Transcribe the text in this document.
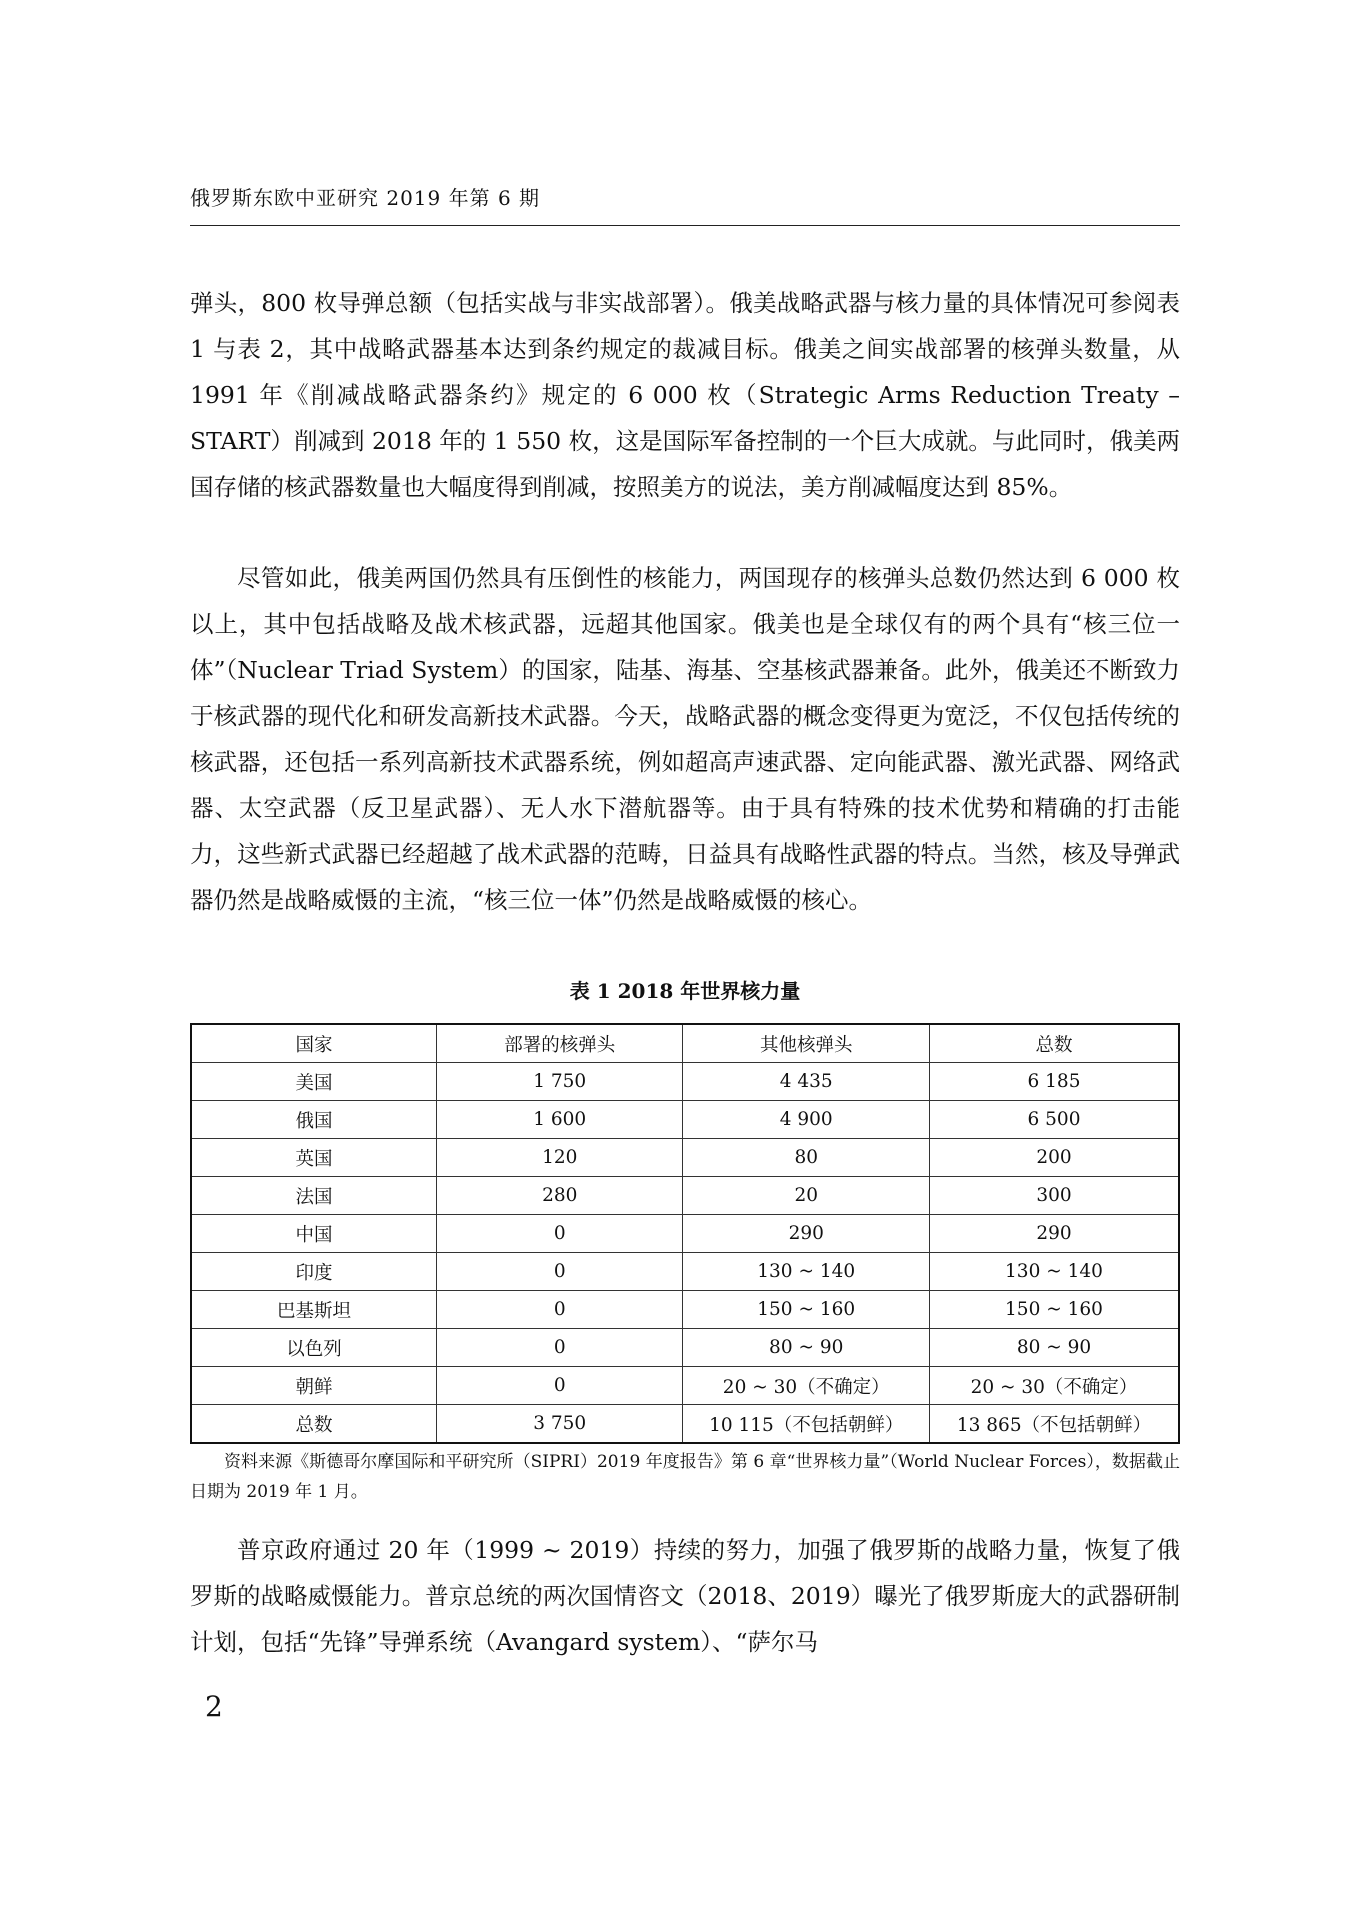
俄罗斯东欧中亚研究 2019 年第 6 期

弹头，800 枚导弹总额（包括实战与非实战部署）。俄美战略武器与核力量的具体情况可参阅表 1 与表 2，其中战略武器基本达到条约规定的裁减目标。俄美之间实战部署的核弹头数量，从 1991 年《削减战略武器条约》规定的 6 000 枚（Strategic Arms Reduction Treaty – START）削减到 2018 年的 1 550 枚，这是国际军备控制的一个巨大成就。与此同时，俄美两国存储的核武器数量也大幅度得到削减，按照美方的说法，美方削减幅度达到 85%。

尽管如此，俄美两国仍然具有压倒性的核能力，两国现存的核弹头总数仍然达到 6 000 枚以上，其中包括战略及战术核武器，远超其他国家。俄美也是全球仅有的两个具有“核三位一体”（Nuclear Triad System）的国家，陆基、海基、空基核武器兼备。此外，俄美还不断致力于核武器的现代化和研发高新技术武器。今天，战略武器的概念变得更为宽泛，不仅包括传统的核武器，还包括一系列高新技术武器系统，例如超高声速武器、定向能武器、激光武器、网络武器、太空武器（反卫星武器）、无人水下潜航器等。由于具有特殊的技术优势和精确的打击能力，这些新式武器已经超越了战术武器的范畴，日益具有战略性武器的特点。当然，核及导弹武器仍然是战略威慑的主流，“核三位一体”仍然是战略威慑的核心。

表 1 2018 年世界核力量
国家	部署的核弹头	其他核弹头	总数
美国	1 750	4 435	6 185
俄国	1 600	4 900	6 500
英国	120	80	200
法国	280	20	300
中国	0	290	290
印度	0	130 ~ 140	130 ~ 140
巴基斯坦	0	150 ~ 160	150 ~ 160
以色列	0	80 ~ 90	80 ~ 90
朝鲜	0	20 ~ 30（不确定）	20 ~ 30（不确定）
总数	3 750	10 115（不包括朝鲜）	13 865（不包括朝鲜）

资料来源《斯德哥尔摩国际和平研究所（SIPRI）2019 年度报告》第 6 章“世界核力量”（World Nuclear Forces），数据截止日期为 2019 年 1 月。

普京政府通过 20 年（1999 ~ 2019）持续的努力，加强了俄罗斯的战略力量，恢复了俄罗斯的战略威慑能力。普京总统的两次国情咨文（2018、2019）曝光了俄罗斯庞大的武器研制计划，包括“先锋”导弹系统（Avangard system）、“萨尔马

2
